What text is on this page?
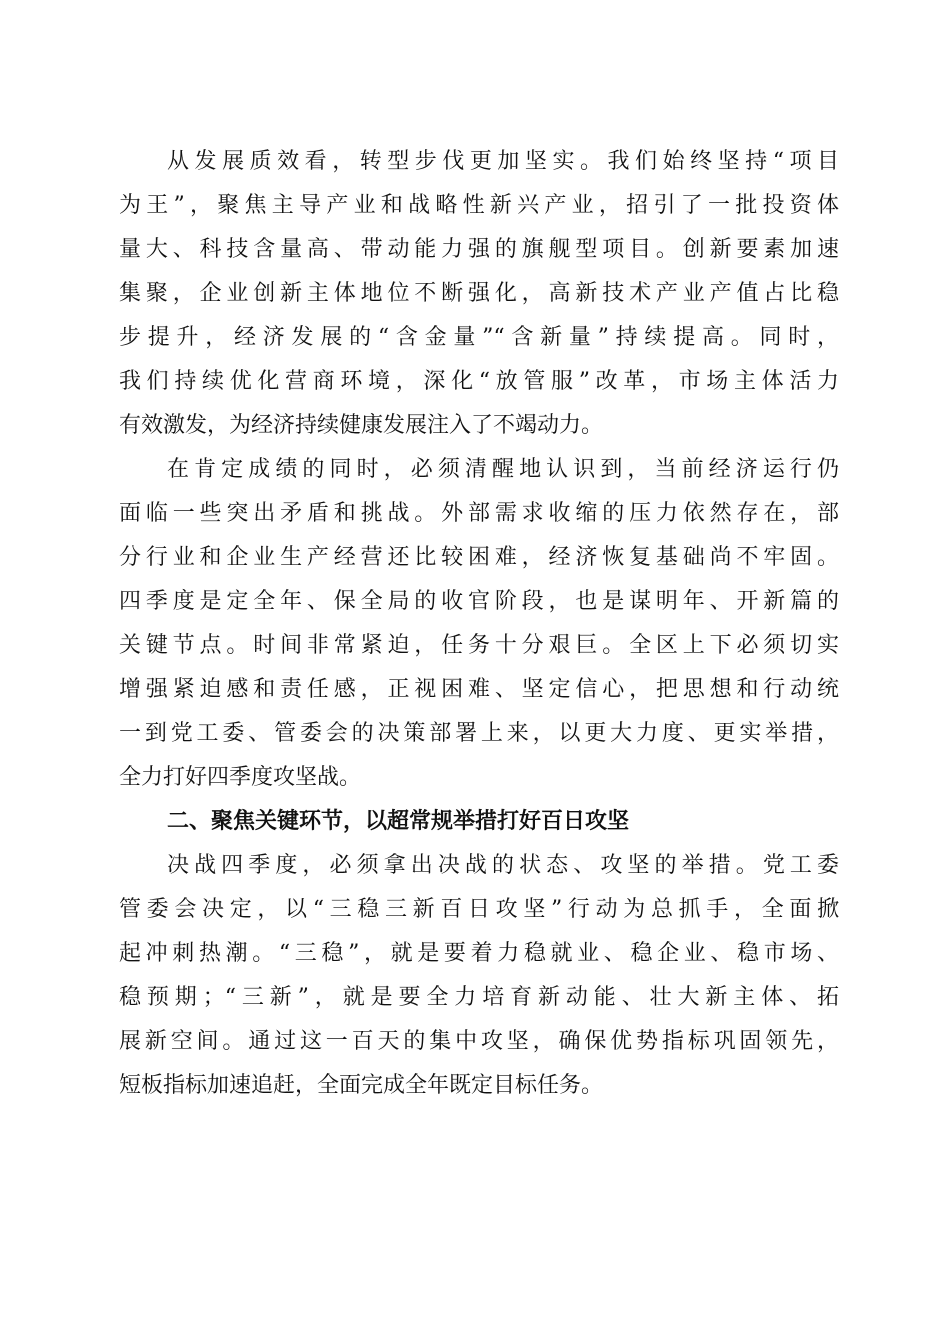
从发展质效看，转型步伐更加坚实。我们始终坚持“项目
为王”，聚焦主导产业和战略性新兴产业，招引了一批投资体
量大、科技含量高、带动能力强的旗舰型项目。创新要素加速
集聚，企业创新主体地位不断强化，高新技术产业产值占比稳
步提升，经济发展的“含金量”“含新量”持续提高。同时，
我们持续优化营商环境，深化“放管服”改革，市场主体活力
有效激发，为经济持续健康发展注入了不竭动力。
在肯定成绩的同时，必须清醒地认识到，当前经济运行仍
面临一些突出矛盾和挑战。外部需求收缩的压力依然存在，部
分行业和企业生产经营还比较困难，经济恢复基础尚不牢固。
四季度是定全年、保全局的收官阶段，也是谋明年、开新篇的
关键节点。时间非常紧迫，任务十分艰巨。全区上下必须切实
增强紧迫感和责任感，正视困难、坚定信心，把思想和行动统
一到党工委、管委会的决策部署上来，以更大力度、更实举措，
全力打好四季度攻坚战。
二、聚焦关键环节，以超常规举措打好百日攻坚
决战四季度，必须拿出决战的状态、攻坚的举措。党工委
管委会决定，以“三稳三新百日攻坚”行动为总抓手，全面掀
起冲刺热潮。“三稳”，就是要着力稳就业、稳企业、稳市场、
稳预期；“三新”，就是要全力培育新动能、壮大新主体、拓
展新空间。通过这一百天的集中攻坚，确保优势指标巩固领先，
短板指标加速追赶，全面完成全年既定目标任务。
